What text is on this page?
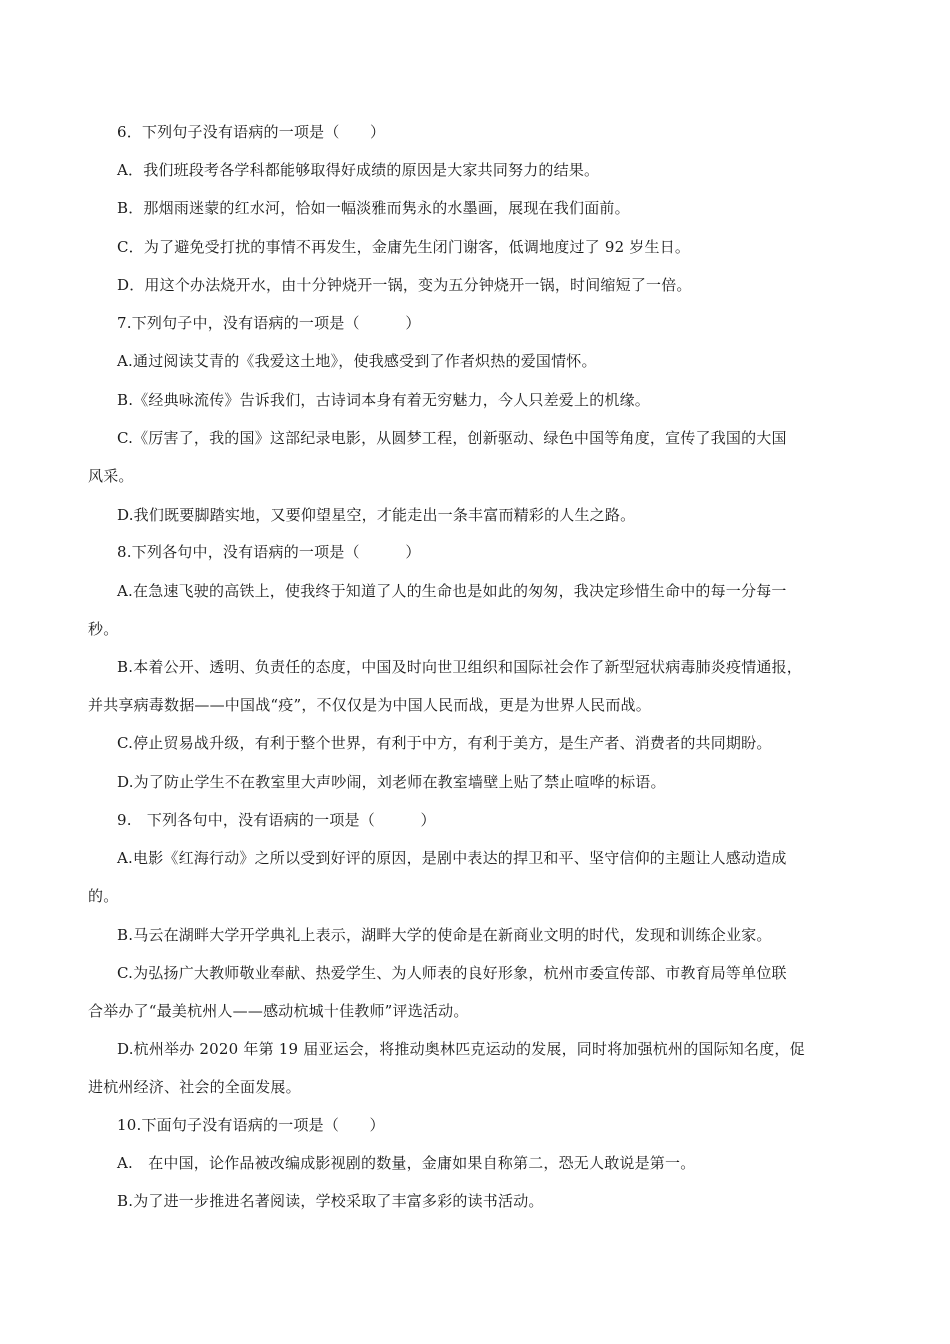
6．下列句子没有语病的一项是（　　）
A．我们班段考各学科都能够取得好成绩的原因是大家共同努力的结果。
B．那烟雨迷蒙的红水河，恰如一幅淡雅而隽永的水墨画，展现在我们面前。
C．为了避免受打扰的事情不再发生，金庸先生闭门谢客，低调地度过了 92 岁生日。
D．用这个办法烧开水，由十分钟烧开一锅，变为五分钟烧开一锅，时间缩短了一倍。
7.下列句子中，没有语病的一项是（　　　）
A.通过阅读艾青的《我爱这土地》，使我感受到了作者炽热的爱国情怀。
B.《经典咏流传》告诉我们，古诗词本身有着无穷魅力，今人只差爱上的机缘。
C.《厉害了，我的国》这部纪录电影，从圆梦工程，创新驱动、绿色中国等角度，宣传了我国的大国
风采。
D.我们既要脚踏实地，又要仰望星空，才能走出一条丰富而精彩的人生之路。
8.下列各句中，没有语病的一项是（　　　）
A.在急速飞驶的高铁上，使我终于知道了人的生命也是如此的匆匆，我决定珍惜生命中的每一分每一
秒。
B.本着公开、透明、负责任的态度，中国及时向世卫组织和国际社会作了新型冠状病毒肺炎疫情通报，
并共享病毒数据——中国战“疫”，不仅仅是为中国人民而战，更是为世界人民而战。
C.停止贸易战升级，有利于整个世界，有利于中方，有利于美方，是生产者、消费者的共同期盼。
D.为了防止学生不在教室里大声吵闹，刘老师在教室墙壁上贴了禁止喧哗的标语。
9.　下列各句中，没有语病的一项是（　　　）
A.电影《红海行动》之所以受到好评的原因，是剧中表达的捍卫和平、坚守信仰的主题让人感动造成
的。
B.马云在湖畔大学开学典礼上表示，湖畔大学的使命是在新商业文明的时代，发现和训练企业家。
C.为弘扬广大教师敬业奉献、热爱学生、为人师表的良好形象，杭州市委宣传部、市教育局等单位联
合举办了“最美杭州人——感动杭城十佳教师”评选活动。
D.杭州举办 2020 年第 19 届亚运会，将推动奥林匹克运动的发展，同时将加强杭州的国际知名度，促
进杭州经济、社会的全面发展。
10.下面句子没有语病的一项是（　　）
A.　在中国，论作品被改编成影视剧的数量，金庸如果自称第二，恐无人敢说是第一。
B.为了进一步推进名著阅读，学校采取了丰富多彩的读书活动。
